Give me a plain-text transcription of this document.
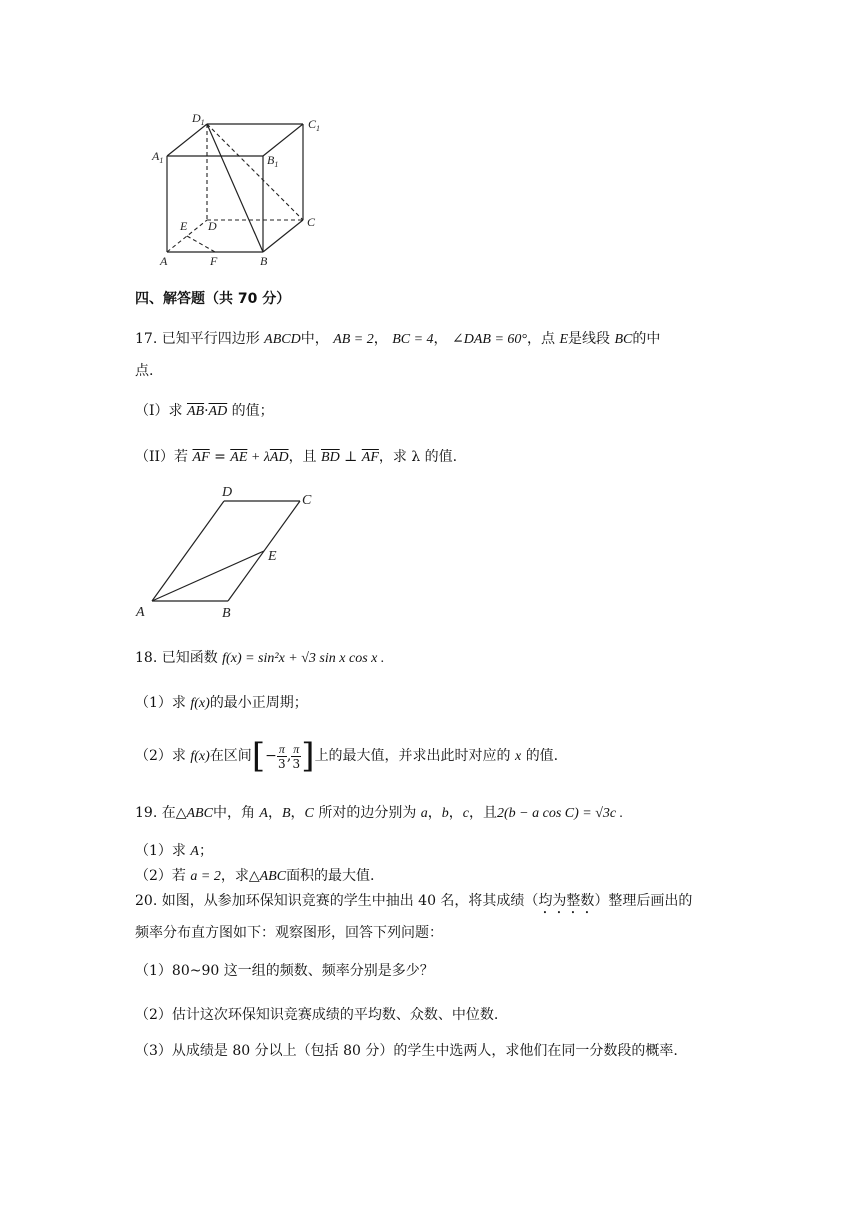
$D_1$	$C_1$
$A_1$	$B_1$
E D	C
A	F	B
四、解答题（共 70 分）
17. 已知平行四边形 ABCD中， AB = 2， BC = 4， ∠DAB = 60°，点 E是线段 BC的中
点.
（I）求 $\overline{AB}\cdot\overline{AD}$ 的值；
（II）若 $\overline{AF} = \overline{AE} + \lambda\overline{AD}$，且 $\overline{BD}$ ⊥ $\overline{AF}$，求 λ 的值.
D
C
E
A	B
18. 已知函数 f(x) = sin²x + √3 sin x cos x .
（1）求 f(x)的最小正周期；
（2）求 f(x)在区间[− $\frac{\pi}{3}$ , $\frac{\pi}{3}$ ]上的最大值，并求出此时对应的 x 的值.
19. 在△ABC中，角 A，B，C 所对的边分别为 a，b，c，且2(b − a cos C) = √3c .
（1）求 A；
（2）若 a = 2，求△ABC面积的最大值.
20. 如图，从参加环保知识竞赛的学生中抽出 40 名，将其成绩（均为整数）整理后画出的
频率分布直方图如下：观察图形，回答下列问题：
（1）80~90 这一组的频数、频率分别是多少？
（2）估计这次环保知识竞赛成绩的平均数、众数、中位数.
（3）从成绩是 80 分以上（包括 80 分）的学生中选两人，求他们在同一分数段的概率.
